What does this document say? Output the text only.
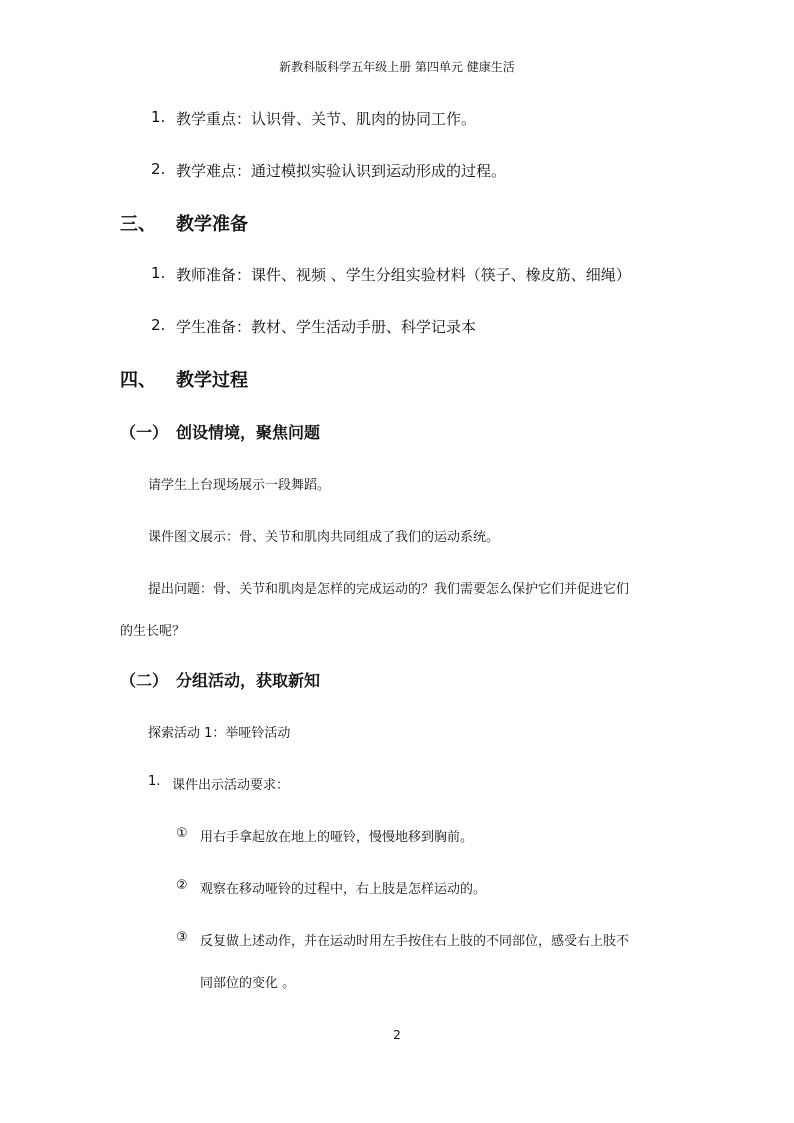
新教科版科学五年级上册 第四单元 健康生活
1. 教学重点：认识骨、关节、肌肉的协同工作。
2. 教学难点：通过模拟实验认识到运动形成的过程。
三、 教学准备
1. 教师准备：课件、视频 、学生分组实验材料（筷子、橡皮筋、细绳）
2. 学生准备：教材、学生活动手册、科学记录本
四、 教学过程
（一） 创设情境，聚焦问题
请学生上台现场展示一段舞蹈。
课件图文展示：骨、关节和肌肉共同组成了我们的运动系统。
提出问题：骨、关节和肌肉是怎样的完成运动的？我们需要怎么保护它们并促进它们
的生长呢？
（二） 分组活动，获取新知
探索活动 1：举哑铃活动
1. 课件出示活动要求：
① 用右手拿起放在地上的哑铃，慢慢地移到胸前。
② 观察在移动哑铃的过程中，右上肢是怎样运动的。
③ 反复做上述动作，并在运动时用左手按住右上肢的不同部位，感受右上肢不
同部位的变化 。
2
